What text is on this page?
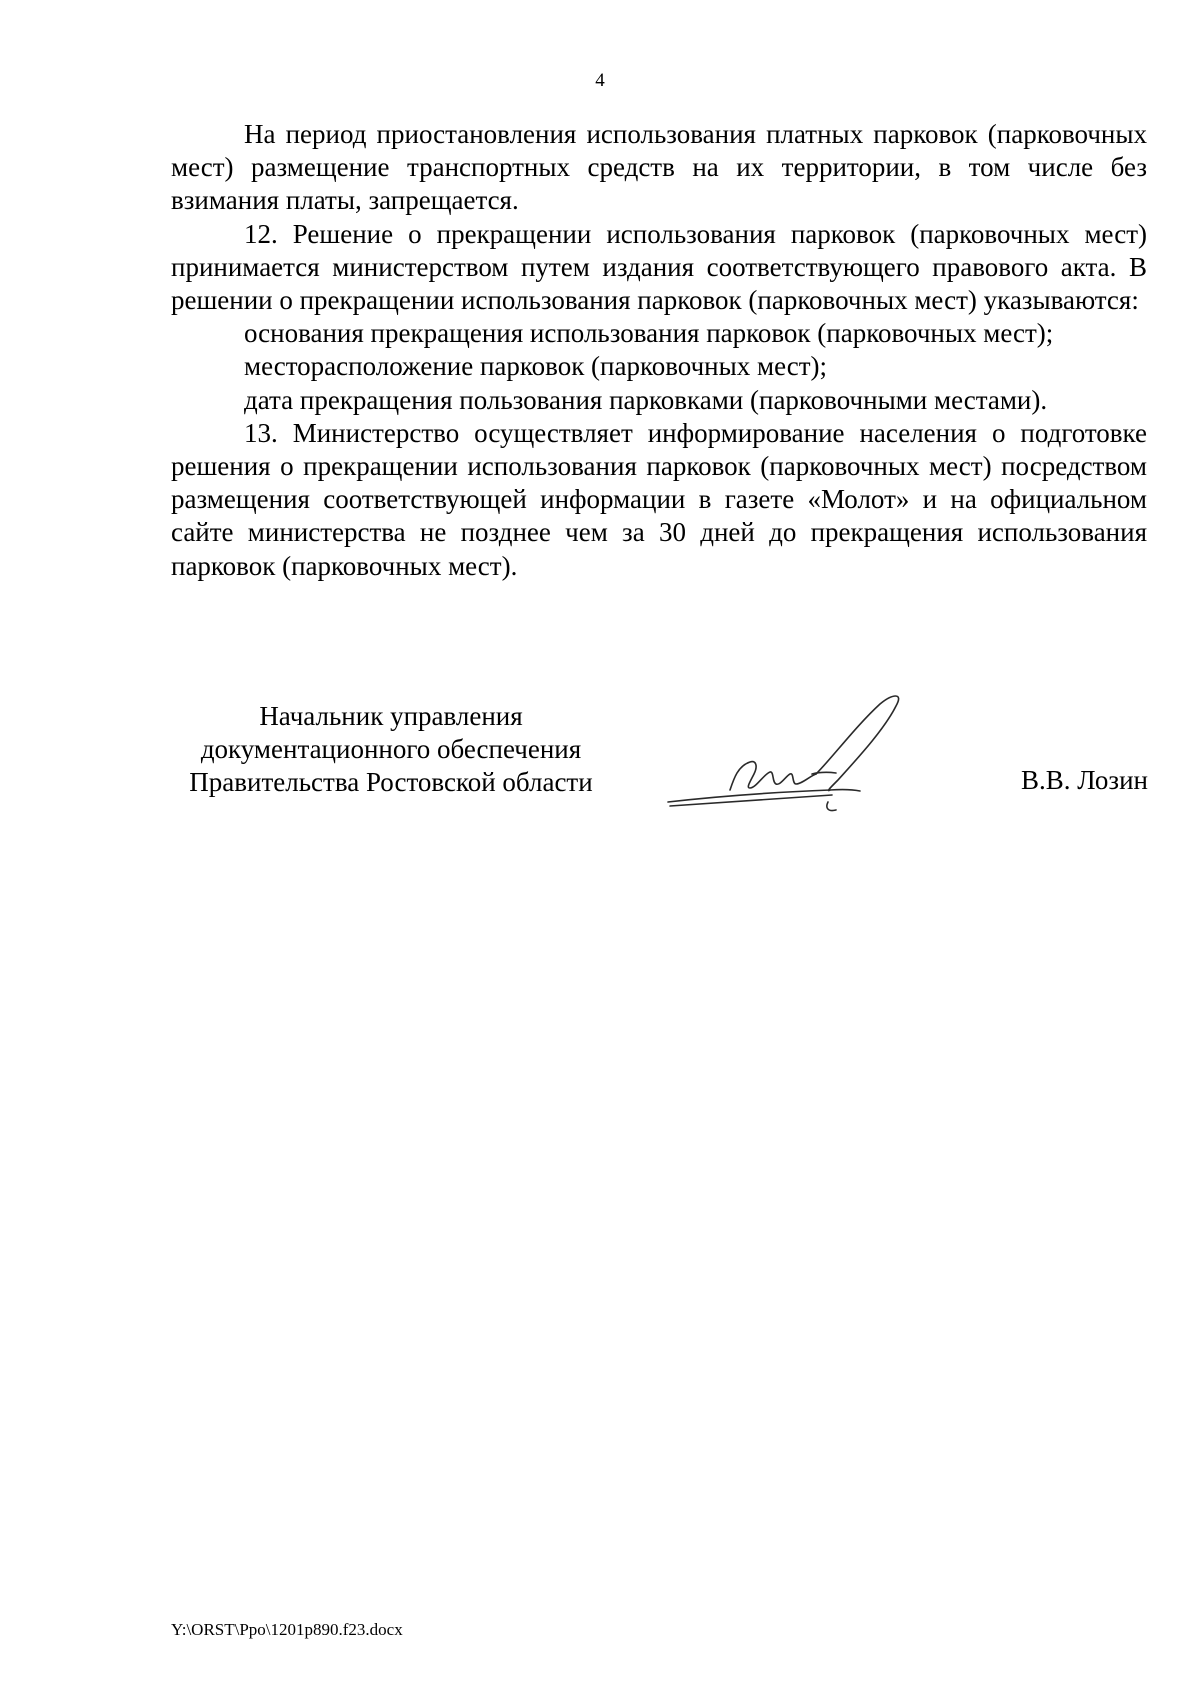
4

На период приостановления использования платных парковок (парковочных мест) размещение транспортных средств на их территории, в том числе без взимания платы, запрещается.

12. Решение о прекращении использования парковок (парковочных мест) принимается министерством путем издания соответствующего правового акта. В решении о прекращении использования парковок (парковочных мест) указываются:

основания прекращения использования парковок (парковочных мест);

месторасположение парковок (парковочных мест);

дата прекращения пользования парковками (парковочными местами).

13. Министерство осуществляет информирование населения о подготовке решения о прекращении использования парковок (парковочных мест) посредством размещения соответствующей информации в газете «Молот» и на официальном сайте министерства не позднее чем за 30 дней до прекращения использования парковок (парковочных мест).

Начальник управления
документационного обеспечения
Правительства Ростовской области	В.В. Лозин
Y:\ORST\Ppo\1201p890.f23.docx
